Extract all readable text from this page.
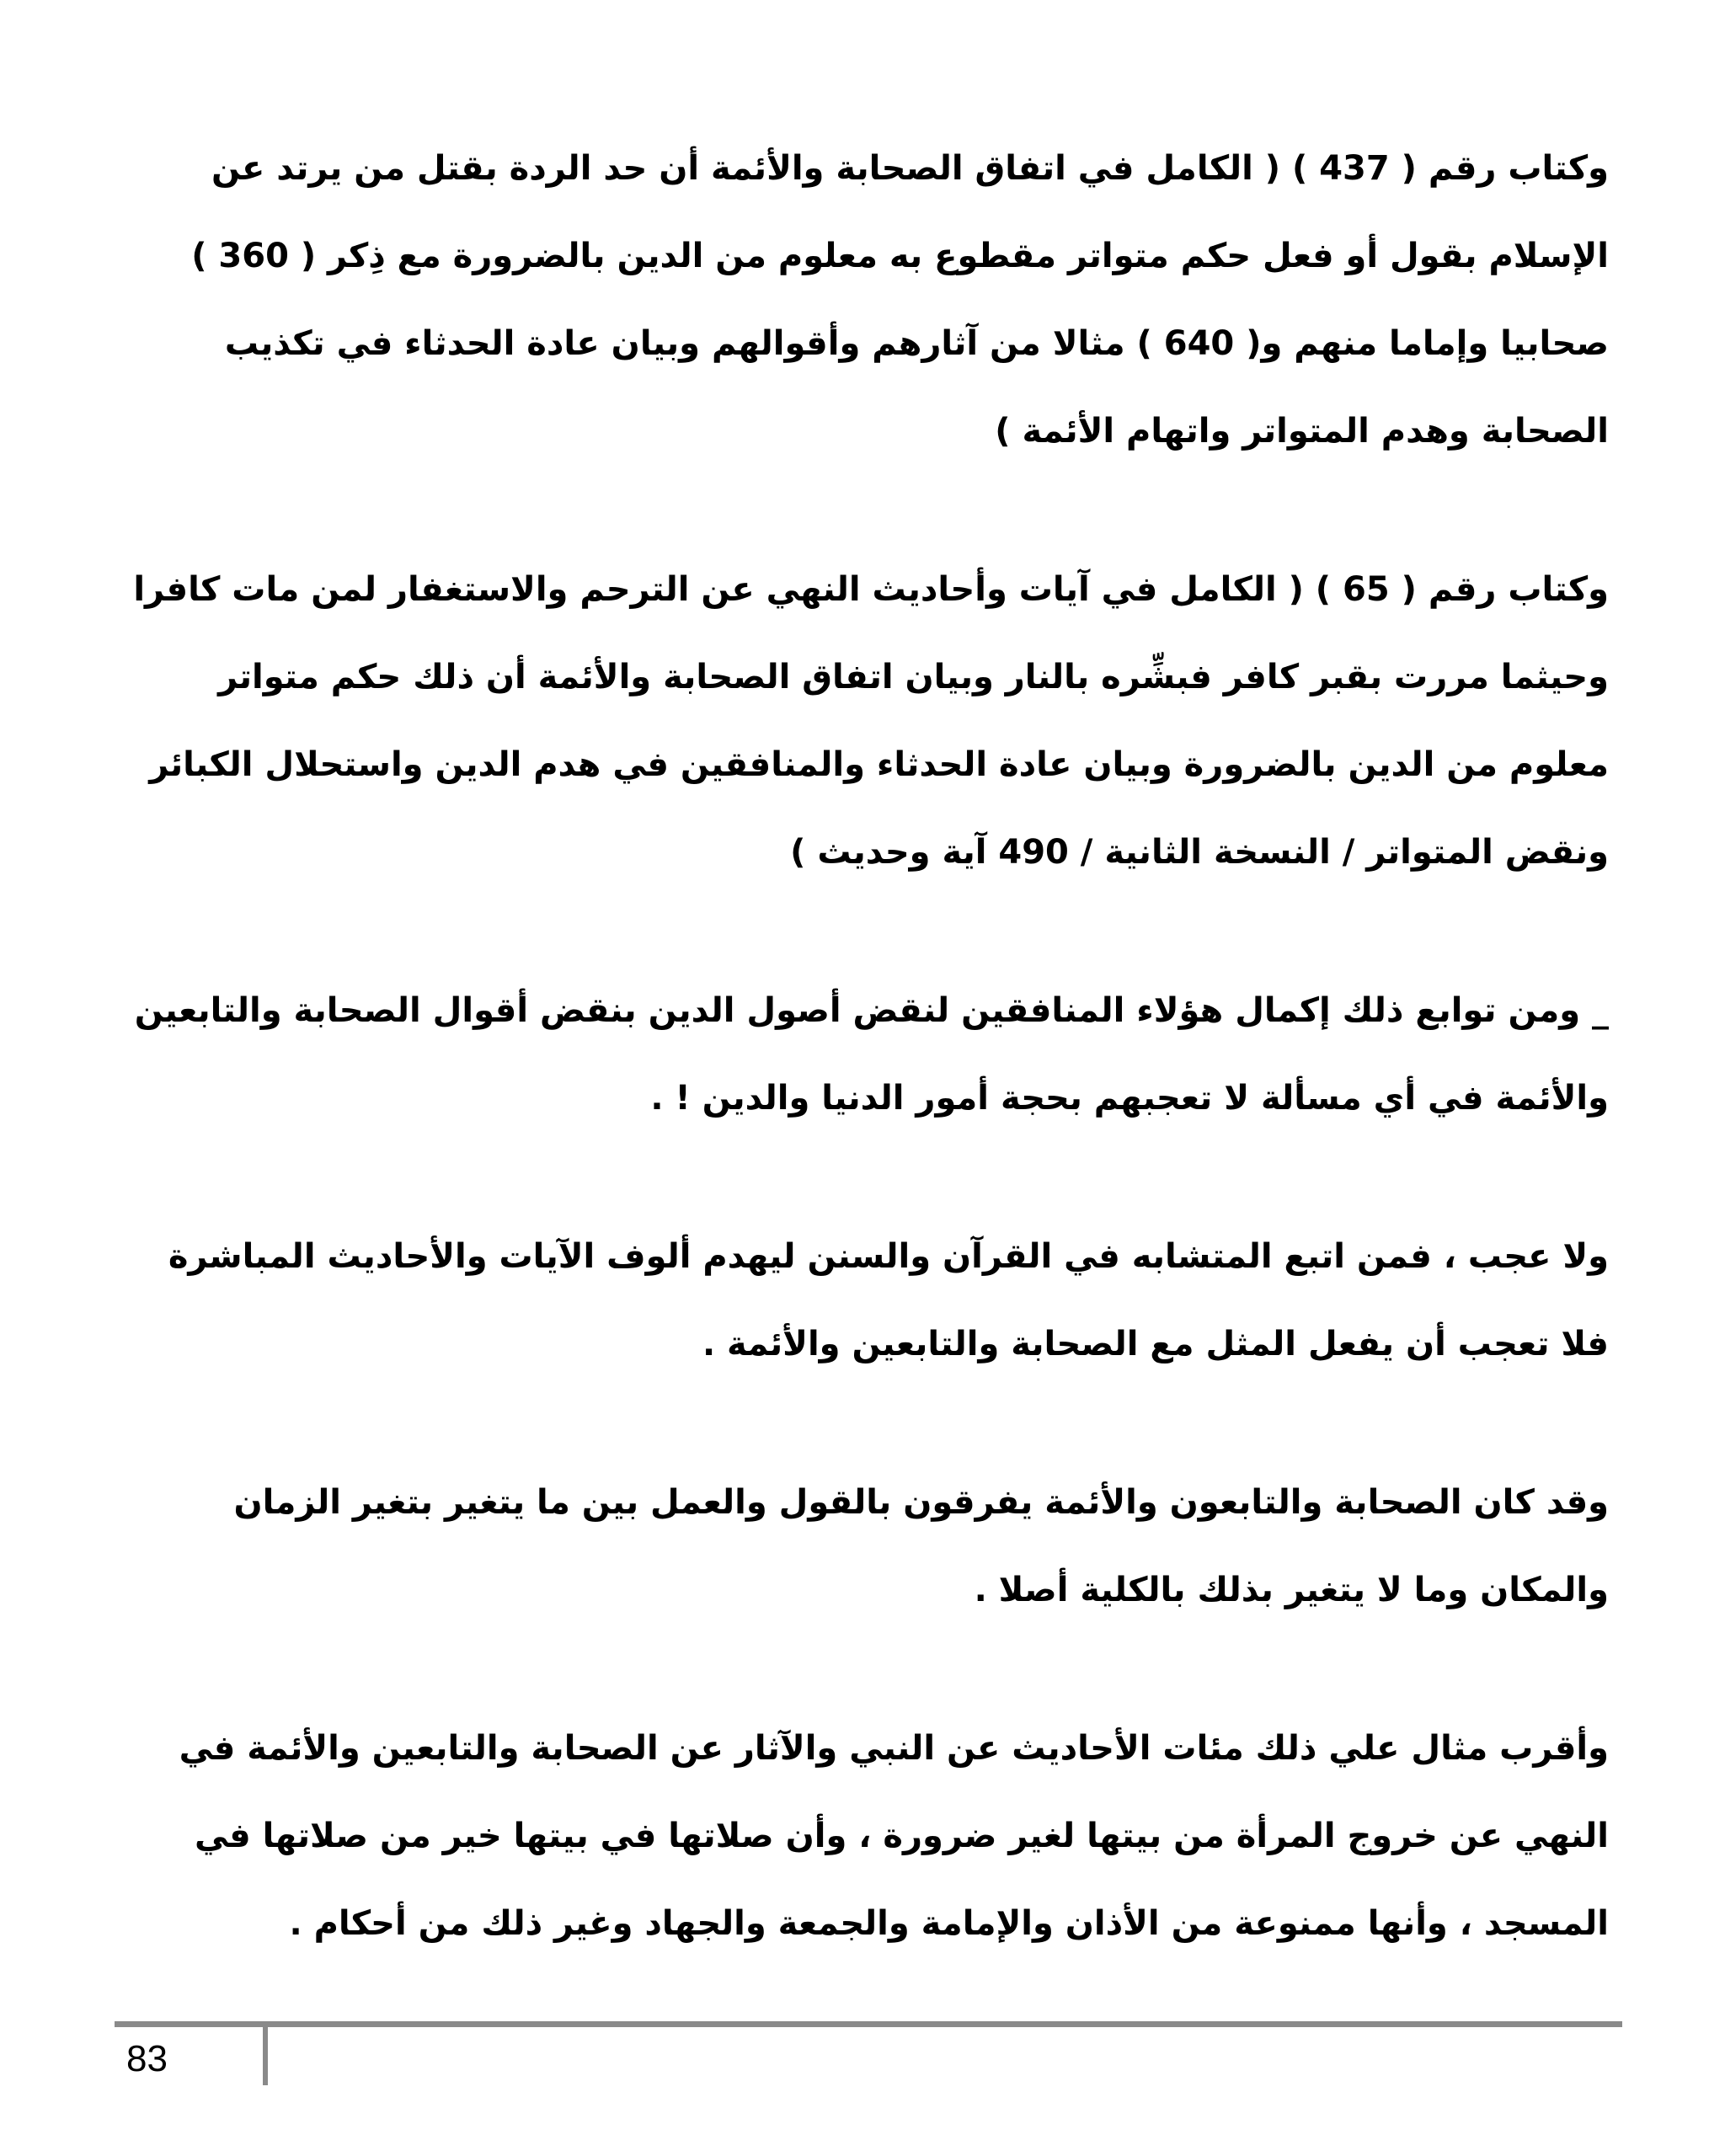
وكتاب رقم ( 437 ) ( الكامل في اتفاق الصحابة والأئمة أن حد الردة بقتل من يرتد عن الإسلام بقول أو فعل حكم متواتر مقطوع به معلوم من الدين بالضرورة مع ذِكر ( 360 ) صحابيا وإماما منهم و( 640 ) مثالا من آثارهم وأقوالهم وبيان عادة الحدثاء في تكذيب الصحابة وهدم المتواتر واتهام الأئمة )

وكتاب رقم ( 65 ) ( الكامل في آيات وأحاديث النهي عن الترحم والاستغفار لمن مات كافرا وحيثما مررت بقبر كافر فبشِّره بالنار وبيان اتفاق الصحابة والأئمة أن ذلك حكم متواتر معلوم من الدين بالضرورة وبيان عادة الحدثاء والمنافقين في هدم الدين واستحلال الكبائر ونقض المتواتر / النسخة الثانية / 490 آية وحديث )

_ ومن توابع ذلك إكمال هؤلاء المنافقين لنقض أصول الدين بنقض أقوال الصحابة والتابعين والأئمة في أي مسألة لا تعجبهم بحجة أمور الدنيا والدين ! .

ولا عجب ، فمن اتبع المتشابه في القرآن والسنن ليهدم ألوف الآيات والأحاديث المباشرة فلا تعجب أن يفعل المثل مع الصحابة والتابعين والأئمة .

وقد كان الصحابة والتابعون والأئمة يفرقون بالقول والعمل بين ما يتغير بتغير الزمان والمكان وما لا يتغير بذلك بالكلية أصلا .

وأقرب مثال علي ذلك مئات الأحاديث عن النبي والآثار عن الصحابة والتابعين والأئمة في النهي عن خروج المرأة من بيتها لغير ضرورة ، وأن صلاتها في بيتها خير من صلاتها في المسجد ، وأنها ممنوعة من الأذان والإمامة والجمعة والجهاد وغير ذلك من أحكام .

83
